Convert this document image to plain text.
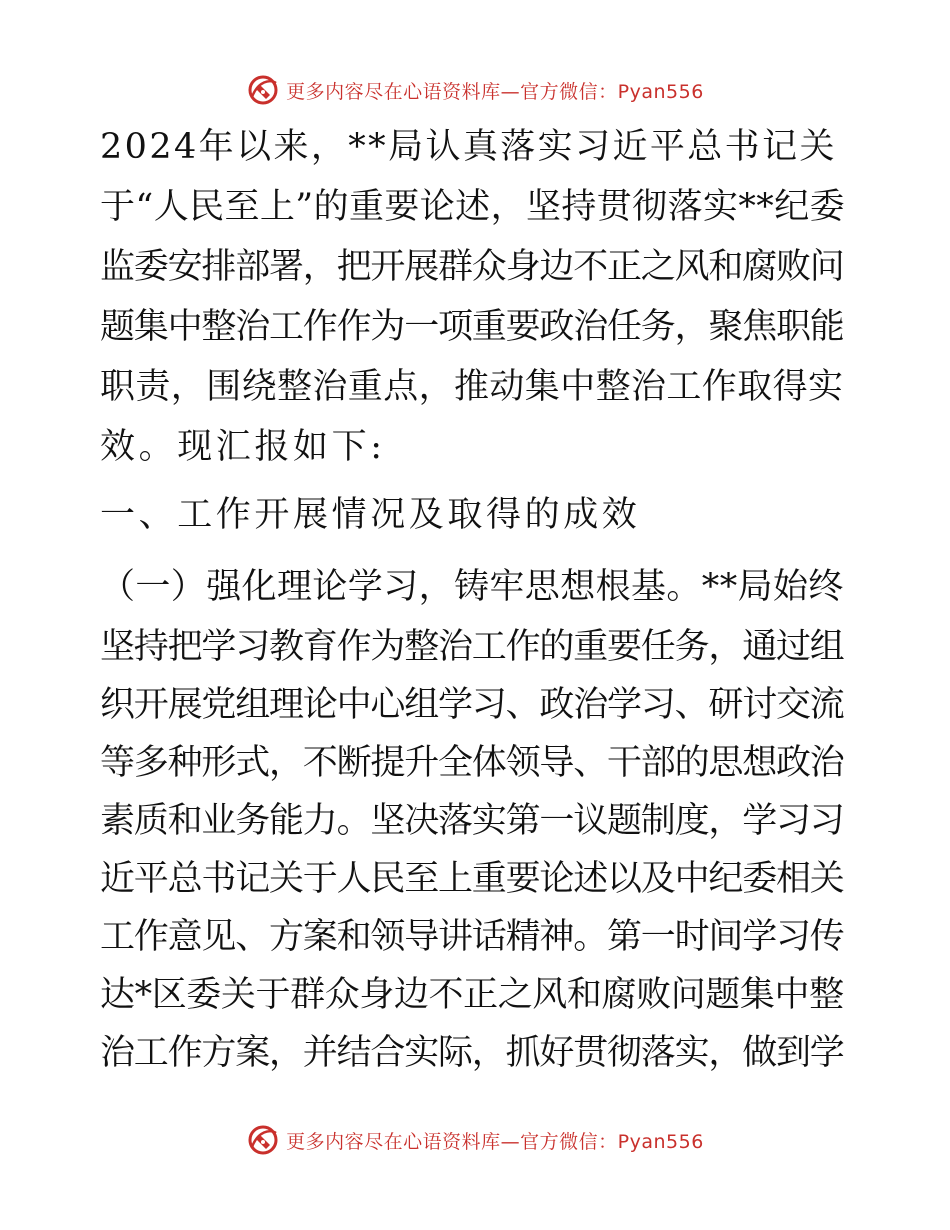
更多内容尽在心语资料库—官方微信：Pyan556
2024年以来，**局认真落实习近平总书记关
于“人民至上”的重要论述，坚持贯彻落实**纪委
监委安排部署，把开展群众身边不正之风和腐败问
题集中整治工作作为一项重要政治任务，聚焦职能
职责，围绕整治重点，推动集中整治工作取得实
效。现汇报如下:
一、工作开展情况及取得的成效
（一）强化理论学习，铸牢思想根基。**局始终
坚持把学习教育作为整治工作的重要任务，通过组
织开展党组理论中心组学习、政治学习、研讨交流
等多种形式，不断提升全体领导、干部的思想政治
素质和业务能力。坚决落实第一议题制度，学习习
近平总书记关于人民至上重要论述以及中纪委相关
工作意见、方案和领导讲话精神。第一时间学习传
达*区委关于群众身边不正之风和腐败问题集中整
治工作方案，并结合实际，抓好贯彻落实，做到学
更多内容尽在心语资料库—官方微信：Pyan556
